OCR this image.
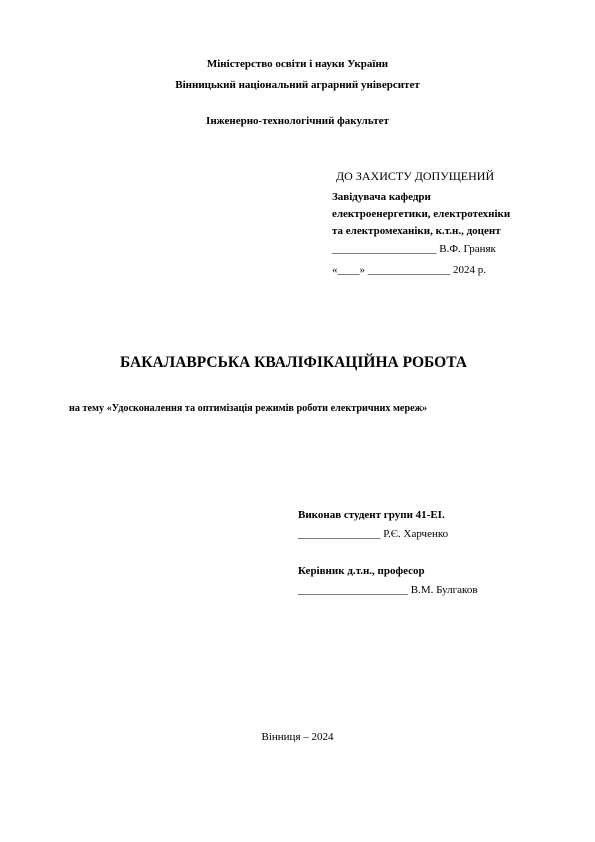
Міністерство освіти і науки України
Вінницький національний аграрний університет
Інженерно-технологічний факультет
ДО ЗАХИСТУ ДОПУЩЕНИЙ
Завідувача кафедри
електроенергетики, електротехніки
та електромеханіки, к.т.н., доцент
___________________ В.Ф. Граняк
«____» _______________ 2024 р.
БАКАЛАВРСЬКА КВАЛІФІКАЦІЙНА РОБОТА
на тему «Удосконалення та оптимізація режимів роботи електричних мереж»
Виконав студент групи 41-ЕІ.
_______________ Р.Є. Харченко
Керівник д.т.н., професор
____________________ В.М. Булгаков
Вінниця – 2024
